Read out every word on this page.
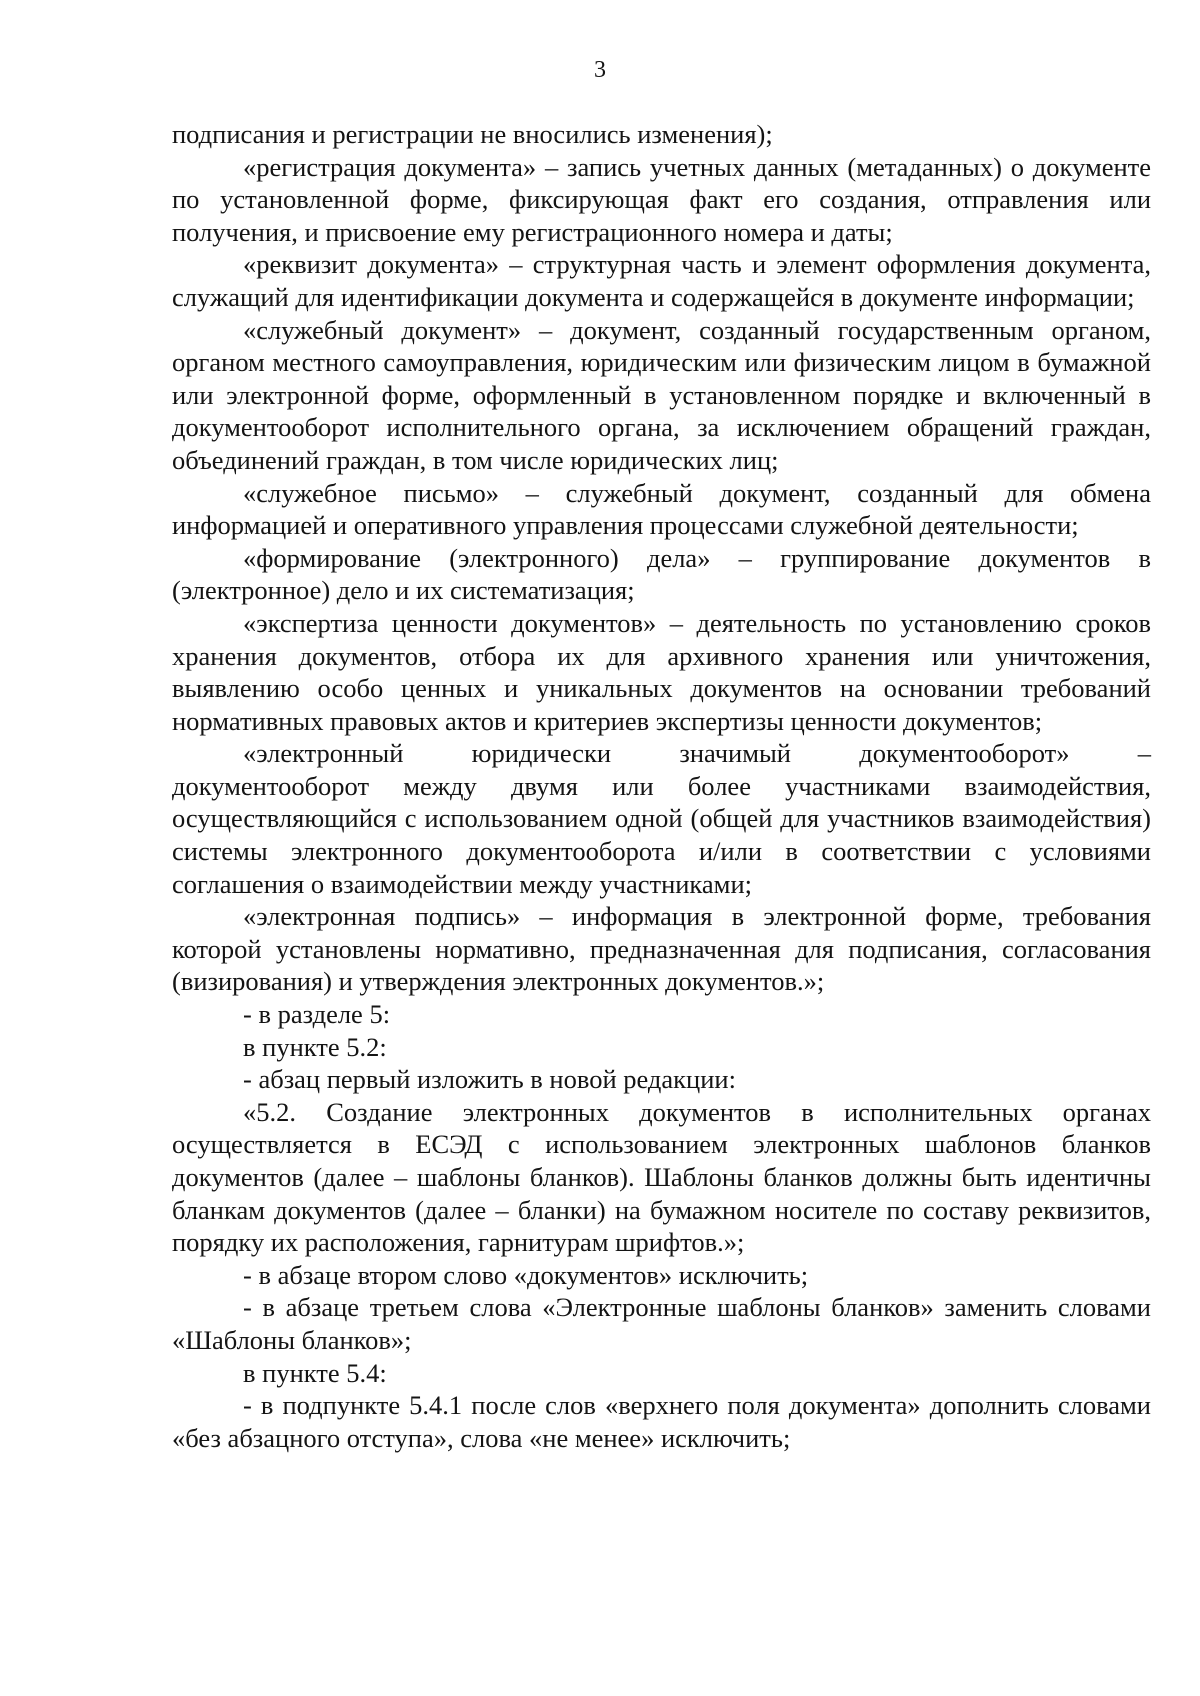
3

подписания и регистрации не вносились изменения);

«регистрация документа» – запись учетных данных (метаданных) о документе по установленной форме, фиксирующая факт его создания, отправления или получения, и присвоение ему регистрационного номера и даты;

«реквизит документа» – структурная часть и элемент оформления документа, служащий для идентификации документа и содержащейся в документе информации;

«служебный документ» – документ, созданный государственным органом, органом местного самоуправления, юридическим или физическим лицом в бумажной или электронной форме, оформленный в установленном порядке и включенный в документооборот исполнительного органа, за исключением обращений граждан, объединений граждан, в том числе юридических лиц;

«служебное письмо» – служебный документ, созданный для обмена информацией и оперативного управления процессами служебной деятельности;

«формирование (электронного) дела» – группирование документов в (электронное) дело и их систематизация;

«экспертиза ценности документов» – деятельность по установлению сроков хранения документов, отбора их для архивного хранения или уничтожения, выявлению особо ценных и уникальных документов на основании требований нормативных правовых актов и критериев экспертизы ценности документов;

«электронный юридически значимый документооборот» –

документооборот между двумя или более участниками взаимодействия, осуществляющийся с использованием одной (общей для участников взаимодействия) системы электронного документооборота и/или в соответствии с условиями соглашения о взаимодействии между участниками;

«электронная подпись» – информация в электронной форме, требования которой установлены нормативно, предназначенная для подписания, согласования (визирования) и утверждения электронных документов.»;

- в разделе 5:

в пункте 5.2:

- абзац первый изложить в новой редакции:

«5.2. Создание электронных документов в исполнительных органах осуществляется в ЕСЭД с использованием электронных шаблонов бланков документов (далее – шаблоны бланков). Шаблоны бланков должны быть идентичны бланкам документов (далее – бланки) на бумажном носителе по составу реквизитов, порядку их расположения, гарнитурам шрифтов.»;

- в абзаце втором слово «документов» исключить;

- в абзаце третьем слова «Электронные шаблоны бланков» заменить словами «Шаблоны бланков»;

в пункте 5.4:

- в подпункте 5.4.1 после слов «верхнего поля документа» дополнить словами «без абзацного отступа», слова «не менее» исключить;
